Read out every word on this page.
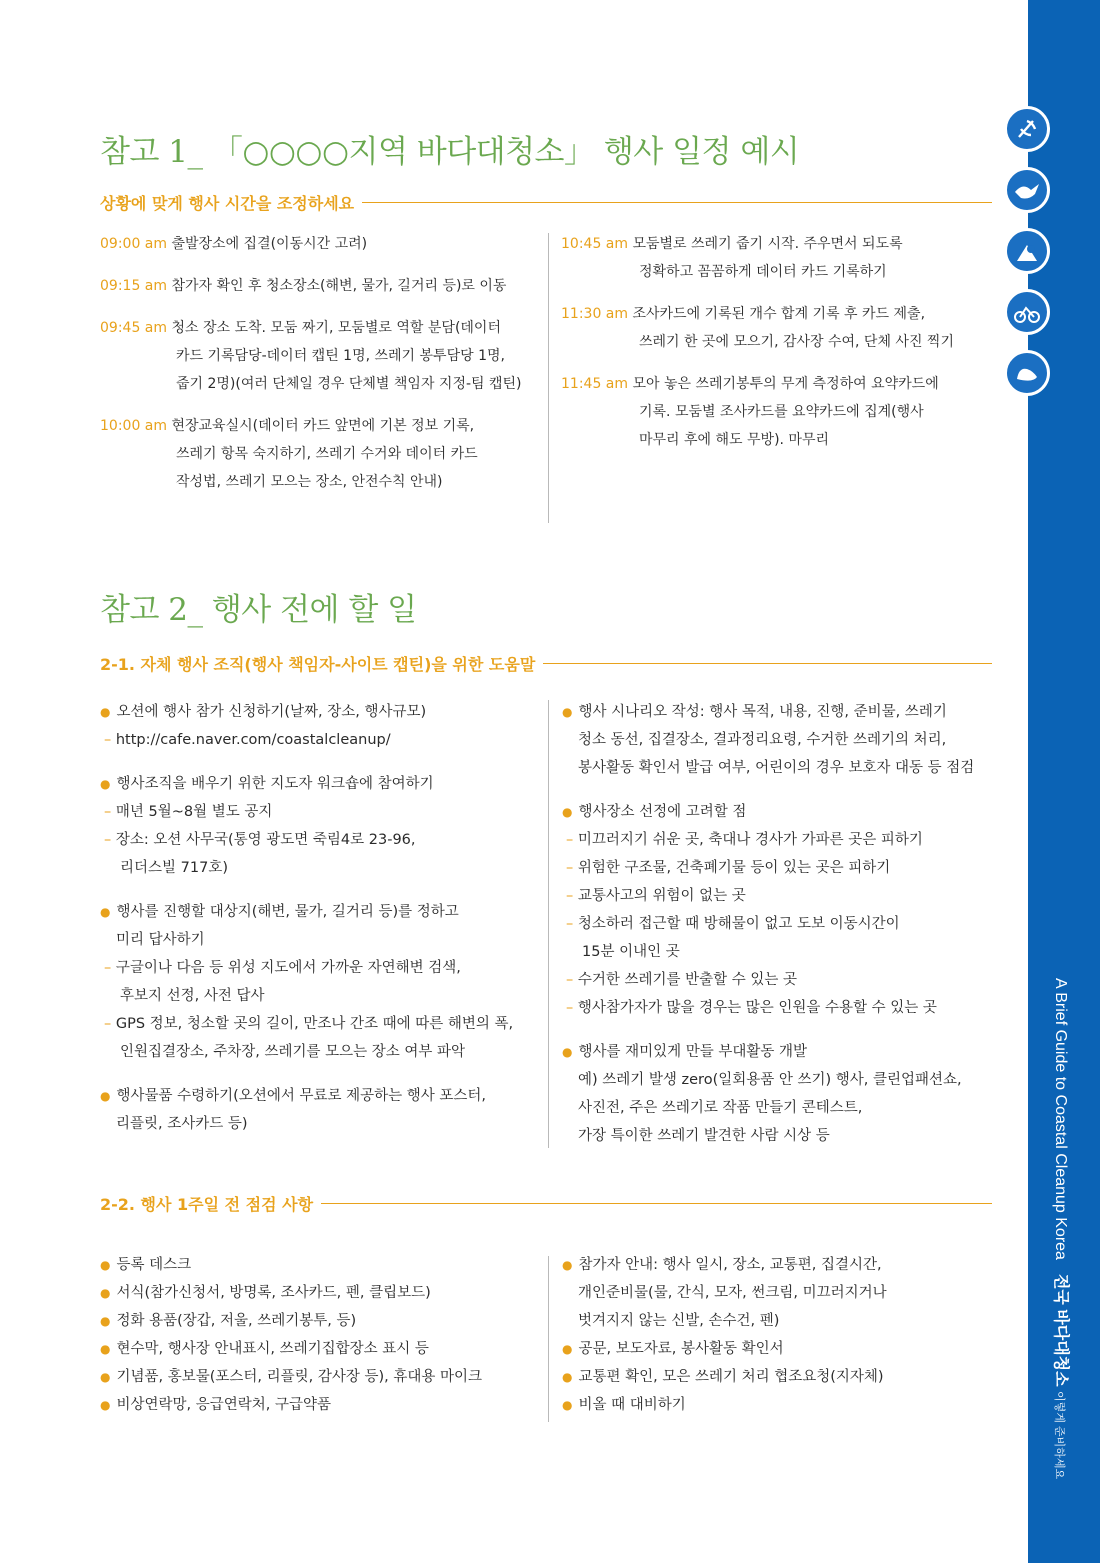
A Brief Guide to Coastal Cleanup Korea전국 바다대청소 이렇게 준비하세요
참고 1_ 「○○○○지역 바다대청소」 행사 일정 예시
상황에 맞게 행사 시간을 조정하세요
09:00 am 출발장소에 집결(이동시간 고려)
09:15 am 참가자 확인 후 청소장소(해변, 물가, 길거리 등)로 이동
09:45 am 청소 장소 도착. 모둠 짜기, 모둠별로 역할 분담(데이터
카드 기록담당-데이터 캡틴 1명, 쓰레기 봉투담당 1명,
줍기 2명)(여러 단체일 경우 단체별 책임자 지정-팀 캡틴)
10:00 am 현장교육실시(데이터 카드 앞면에 기본 정보 기록,
쓰레기 항목 숙지하기, 쓰레기 수거와 데이터 카드
작성법, 쓰레기 모으는 장소, 안전수칙 안내)
10:45 am 모둠별로 쓰레기 줍기 시작. 주우면서 되도록
정확하고 꼼꼼하게 데이터 카드 기록하기
11:30 am 조사카드에 기록된 개수 합계 기록 후 카드 제출,
쓰레기 한 곳에 모으기, 감사장 수여, 단체 사진 찍기
11:45 am 모아 놓은 쓰레기봉투의 무게 측정하여 요약카드에
기록. 모둠별 조사카드를 요약카드에 집계(행사
마무리 후에 해도 무방). 마무리
참고 2_ 행사 전에 할 일
2-1. 자체 행사 조직(행사 책임자-사이트 캡틴)을 위한 도움말
● 오션에 행사 참가 신청하기(날짜, 장소, 행사규모)
– http://cafe.naver.com/coastalcleanup/
● 행사조직을 배우기 위한 지도자 워크숍에 참여하기
– 매년 5월~8월 별도 공지
– 장소: 오션 사무국(통영 광도면 죽림4로 23-96,
리더스빌 717호)
● 행사를 진행할 대상지(해변, 물가, 길거리 등)를 정하고
미리 답사하기
– 구글이나 다음 등 위성 지도에서 가까운 자연해변 검색,
후보지 선정, 사전 답사
– GPS 정보, 청소할 곳의 길이, 만조나 간조 때에 따른 해변의 폭,
인원집결장소, 주차장, 쓰레기를 모으는 장소 여부 파악
● 행사물품 수령하기(오션에서 무료로 제공하는 행사 포스터,
리플릿, 조사카드 등)
● 행사 시나리오 작성: 행사 목적, 내용, 진행, 준비물, 쓰레기
청소 동선, 집결장소, 결과정리요령, 수거한 쓰레기의 처리,
봉사활동 확인서 발급 여부, 어린이의 경우 보호자 대동 등 점검
● 행사장소 선정에 고려할 점
– 미끄러지기 쉬운 곳, 축대나 경사가 가파른 곳은 피하기
– 위험한 구조물, 건축폐기물 등이 있는 곳은 피하기
– 교통사고의 위험이 없는 곳
– 청소하러 접근할 때 방해물이 없고 도보 이동시간이
15분 이내인 곳
– 수거한 쓰레기를 반출할 수 있는 곳
– 행사참가자가 많을 경우는 많은 인원을 수용할 수 있는 곳
● 행사를 재미있게 만들 부대활동 개발
예) 쓰레기 발생 zero(일회용품 안 쓰기) 행사, 클린업패션쇼,
사진전, 주은 쓰레기로 작품 만들기 콘테스트,
가장 특이한 쓰레기 발견한 사람 시상 등
2-2. 행사 1주일 전 점검 사항
● 등록 데스크
● 서식(참가신청서, 방명록, 조사카드, 펜, 클립보드)
● 정화 용품(장갑, 저울, 쓰레기봉투, 등)
● 현수막, 행사장 안내표시, 쓰레기집합장소 표시 등
● 기념품, 홍보물(포스터, 리플릿, 감사장 등), 휴대용 마이크
● 비상연락망, 응급연락처, 구급약품
● 참가자 안내: 행사 일시, 장소, 교통편, 집결시간,
개인준비물(물, 간식, 모자, 썬크림, 미끄러지거나
벗겨지지 않는 신발, 손수건, 펜)
● 공문, 보도자료, 봉사활동 확인서
● 교통편 확인, 모은 쓰레기 처리 협조요청(지자체)
● 비올 때 대비하기
